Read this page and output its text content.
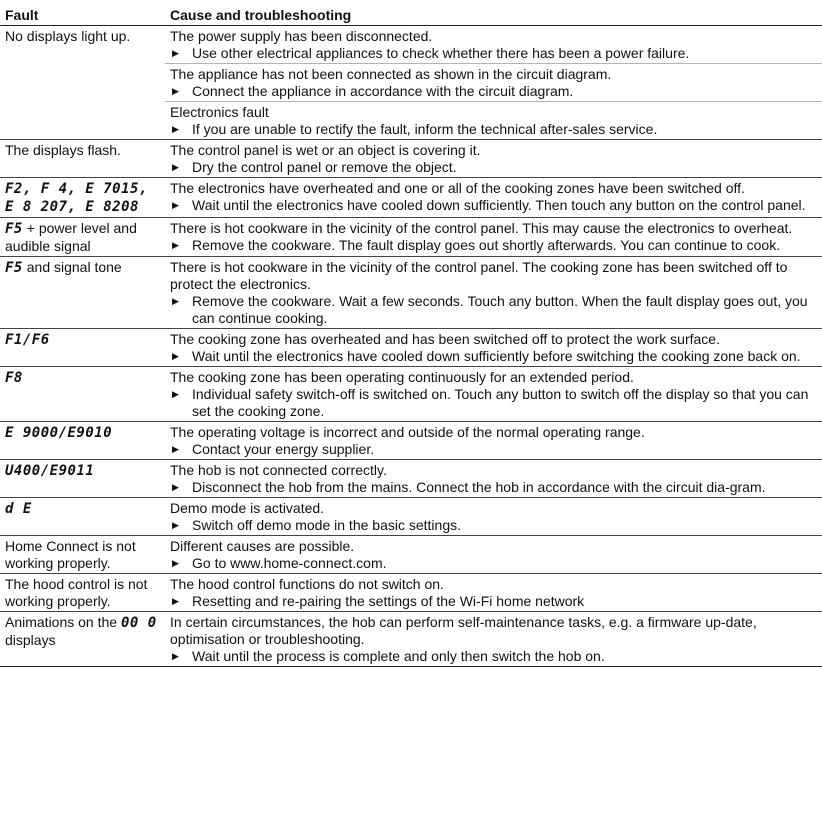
Fault	Cause and troubleshooting
No displays light up.	The power supply has been disconnected.
▶ Use other electrical appliances to check whether there has been a power failure.

	The appliance has not been connected as shown in the circuit diagram.
▶ Connect the appliance in accordance with the circuit diagram.

	Electronics fault
▶ If you are unable to rectify the fault, inform the technical after-sales service.

The displays flash.	The control panel is wet or an object is covering it.
▶ Dry the control panel or remove the object.

F2, F 4, E 7015, E 8 207, E 8208	The electronics have overheated and one or all of the cooking zones have been switched off.
▶ Wait until the electronics have cooled down sufficiently. Then touch any button on the control panel.

F5 + power level and audible signal	There is hot cookware in the vicinity of the control panel. This may cause the electronics to overheat.
▶ Remove the cookware. The fault display goes out shortly afterwards. You can continue to cook.

F5 and signal tone	There is hot cookware in the vicinity of the control panel. The cooking zone has been switched off to protect the electronics.
▶ Remove the cookware. Wait a few seconds. Touch any button. When the fault display goes out, you can continue cooking.

F1/F6	The cooking zone has overheated and has been switched off to protect the work surface.
▶ Wait until the electronics have cooled down sufficiently before switching the cooking zone back on.

F8	The cooking zone has been operating continuously for an extended period.
▶ Individual safety switch-off is switched on. Touch any button to switch off the display so that you can set the cooking zone.

E 9000/E9010	The operating voltage is incorrect and outside of the normal operating range.
▶ Contact your energy supplier.

U400/E9011	The hob is not connected correctly.
▶ Disconnect the hob from the mains. Connect the hob in accordance with the circuit dia-gram.

d E	Demo mode is activated.
▶ Switch off demo mode in the basic settings.

Home Connect is not working properly.	Different causes are possible.
▶ Go to www.home-connect.com.

The hood control is not working properly.	The hood control functions do not switch on.
▶ Resetting and re-pairing the settings of the Wi-Fi home network

Animations on the 00 0 displays	In certain circumstances, the hob can perform self-maintenance tasks, e.g. a firmware up-date, optimisation or troubleshooting.
▶ Wait until the process is complete and only then switch the hob on.
